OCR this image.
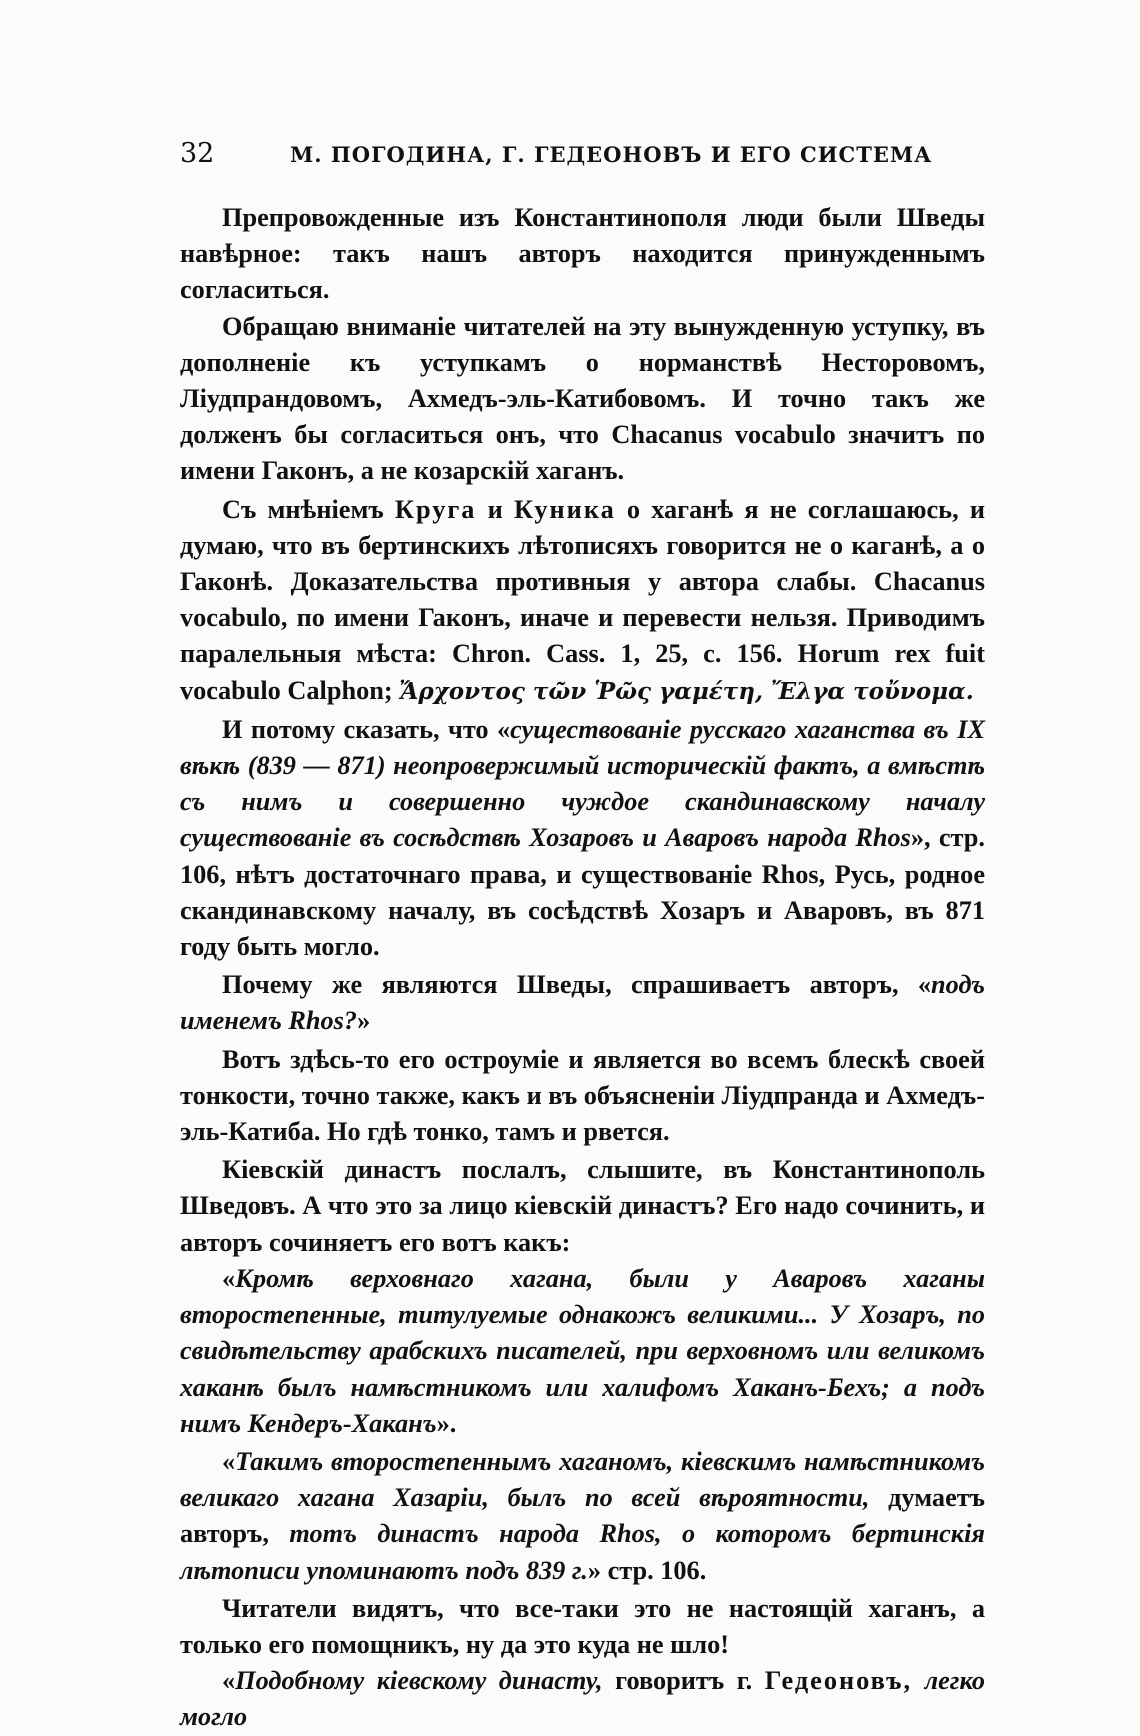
32	М. ПОГОДИНА, Г. ГЕДЕОНОВЪ И ЕГО СИСТЕМА

Препровожденные изъ Константинополя люди были Шведы навѣрное: такъ нашъ авторъ находится принужденнымъ согласиться.

Обращаю вниманіе читателей на эту вынужденную уступку, въ дополненіе къ уступкамъ о норманствѣ Несторовомъ, Ліудпрандовомъ, Ахмедъ-эль-Катибовомъ. И точно такъ же долженъ бы согласиться онъ, что Chacanus vocabulo значитъ по имени Гаконъ, а не козарскій хаганъ.

Съ мнѣніемъ Круга и Куника о хаганѣ я не соглашаюсь, и думаю, что въ бертинскихъ лѣтописяхъ говорится не о каганѣ, а о Гаконѣ. Доказательства противныя у автора слабы. Chacanus vocabulo, по имени Гаконъ, иначе и перевести нельзя. Приводимъ паралельныя мѣста: Chron. Cass. 1, 25, c. 156. Horum rex fuit vocabulo Calphon; Ἄρχοντος τῶν Ῥῶς γαμέτη, Ἔλγα τοὔνομα.

И потому сказать, что «существованіе русскаго хаганства въ IX вѣкѣ (839 — 871) неопровержимый историческій фактъ, а вмѣстѣ съ нимъ и совершенно чуждое скандинавскому началу существованіе въ сосѣдствѣ Хозаровъ и Аваровъ народа Rhos», стр. 106, нѣтъ достаточнаго права, и существованіе Rhos, Русь, родное скандинавскому началу, въ сосѣдствѣ Хозаръ и Аваровъ, въ 871 году быть могло.

Почему же являются Шведы, спрашиваетъ авторъ, «подъ именемъ Rhos?»

Вотъ здѣсь-то его остроуміе и является во всемъ блескѣ своей тонкости, точно также, какъ и въ объясненіи Ліудпранда и Ахмедъ-эль-Катиба. Но гдѣ тонко, тамъ и рвется.

Кіевскій династъ послалъ, слышите, въ Константинополь Шведовъ. А что это за лицо кіевскій династъ? Его надо сочинить, и авторъ сочиняетъ его вотъ какъ:

«Кромѣ верховнаго хагана, были у Аваровъ хаганы второстепенные, титулуемые однакожъ великими... У Хозаръ, по свидѣтельству арабскихъ писателей, при верховномъ или великомъ хаканѣ былъ намѣстникомъ или халифомъ Хаканъ-Бехъ; а подъ нимъ Кендеръ-Хаканъ».

«Такимъ второстепеннымъ хаганомъ, кіевскимъ намѣстникомъ великаго хагана Хазаріи, былъ по всей вѣроятности, думаетъ авторъ, тотъ династъ народа Rhos, о которомъ бертинскія лѣтописи упоминаютъ подъ 839 г.» стр. 106.

Читатели видятъ, что все-таки это не настоящій хаганъ, а только его помощникъ, ну да это куда не шло!

«Подобному кіевскому династу, говоритъ г. Гедеоновъ, легко могло
